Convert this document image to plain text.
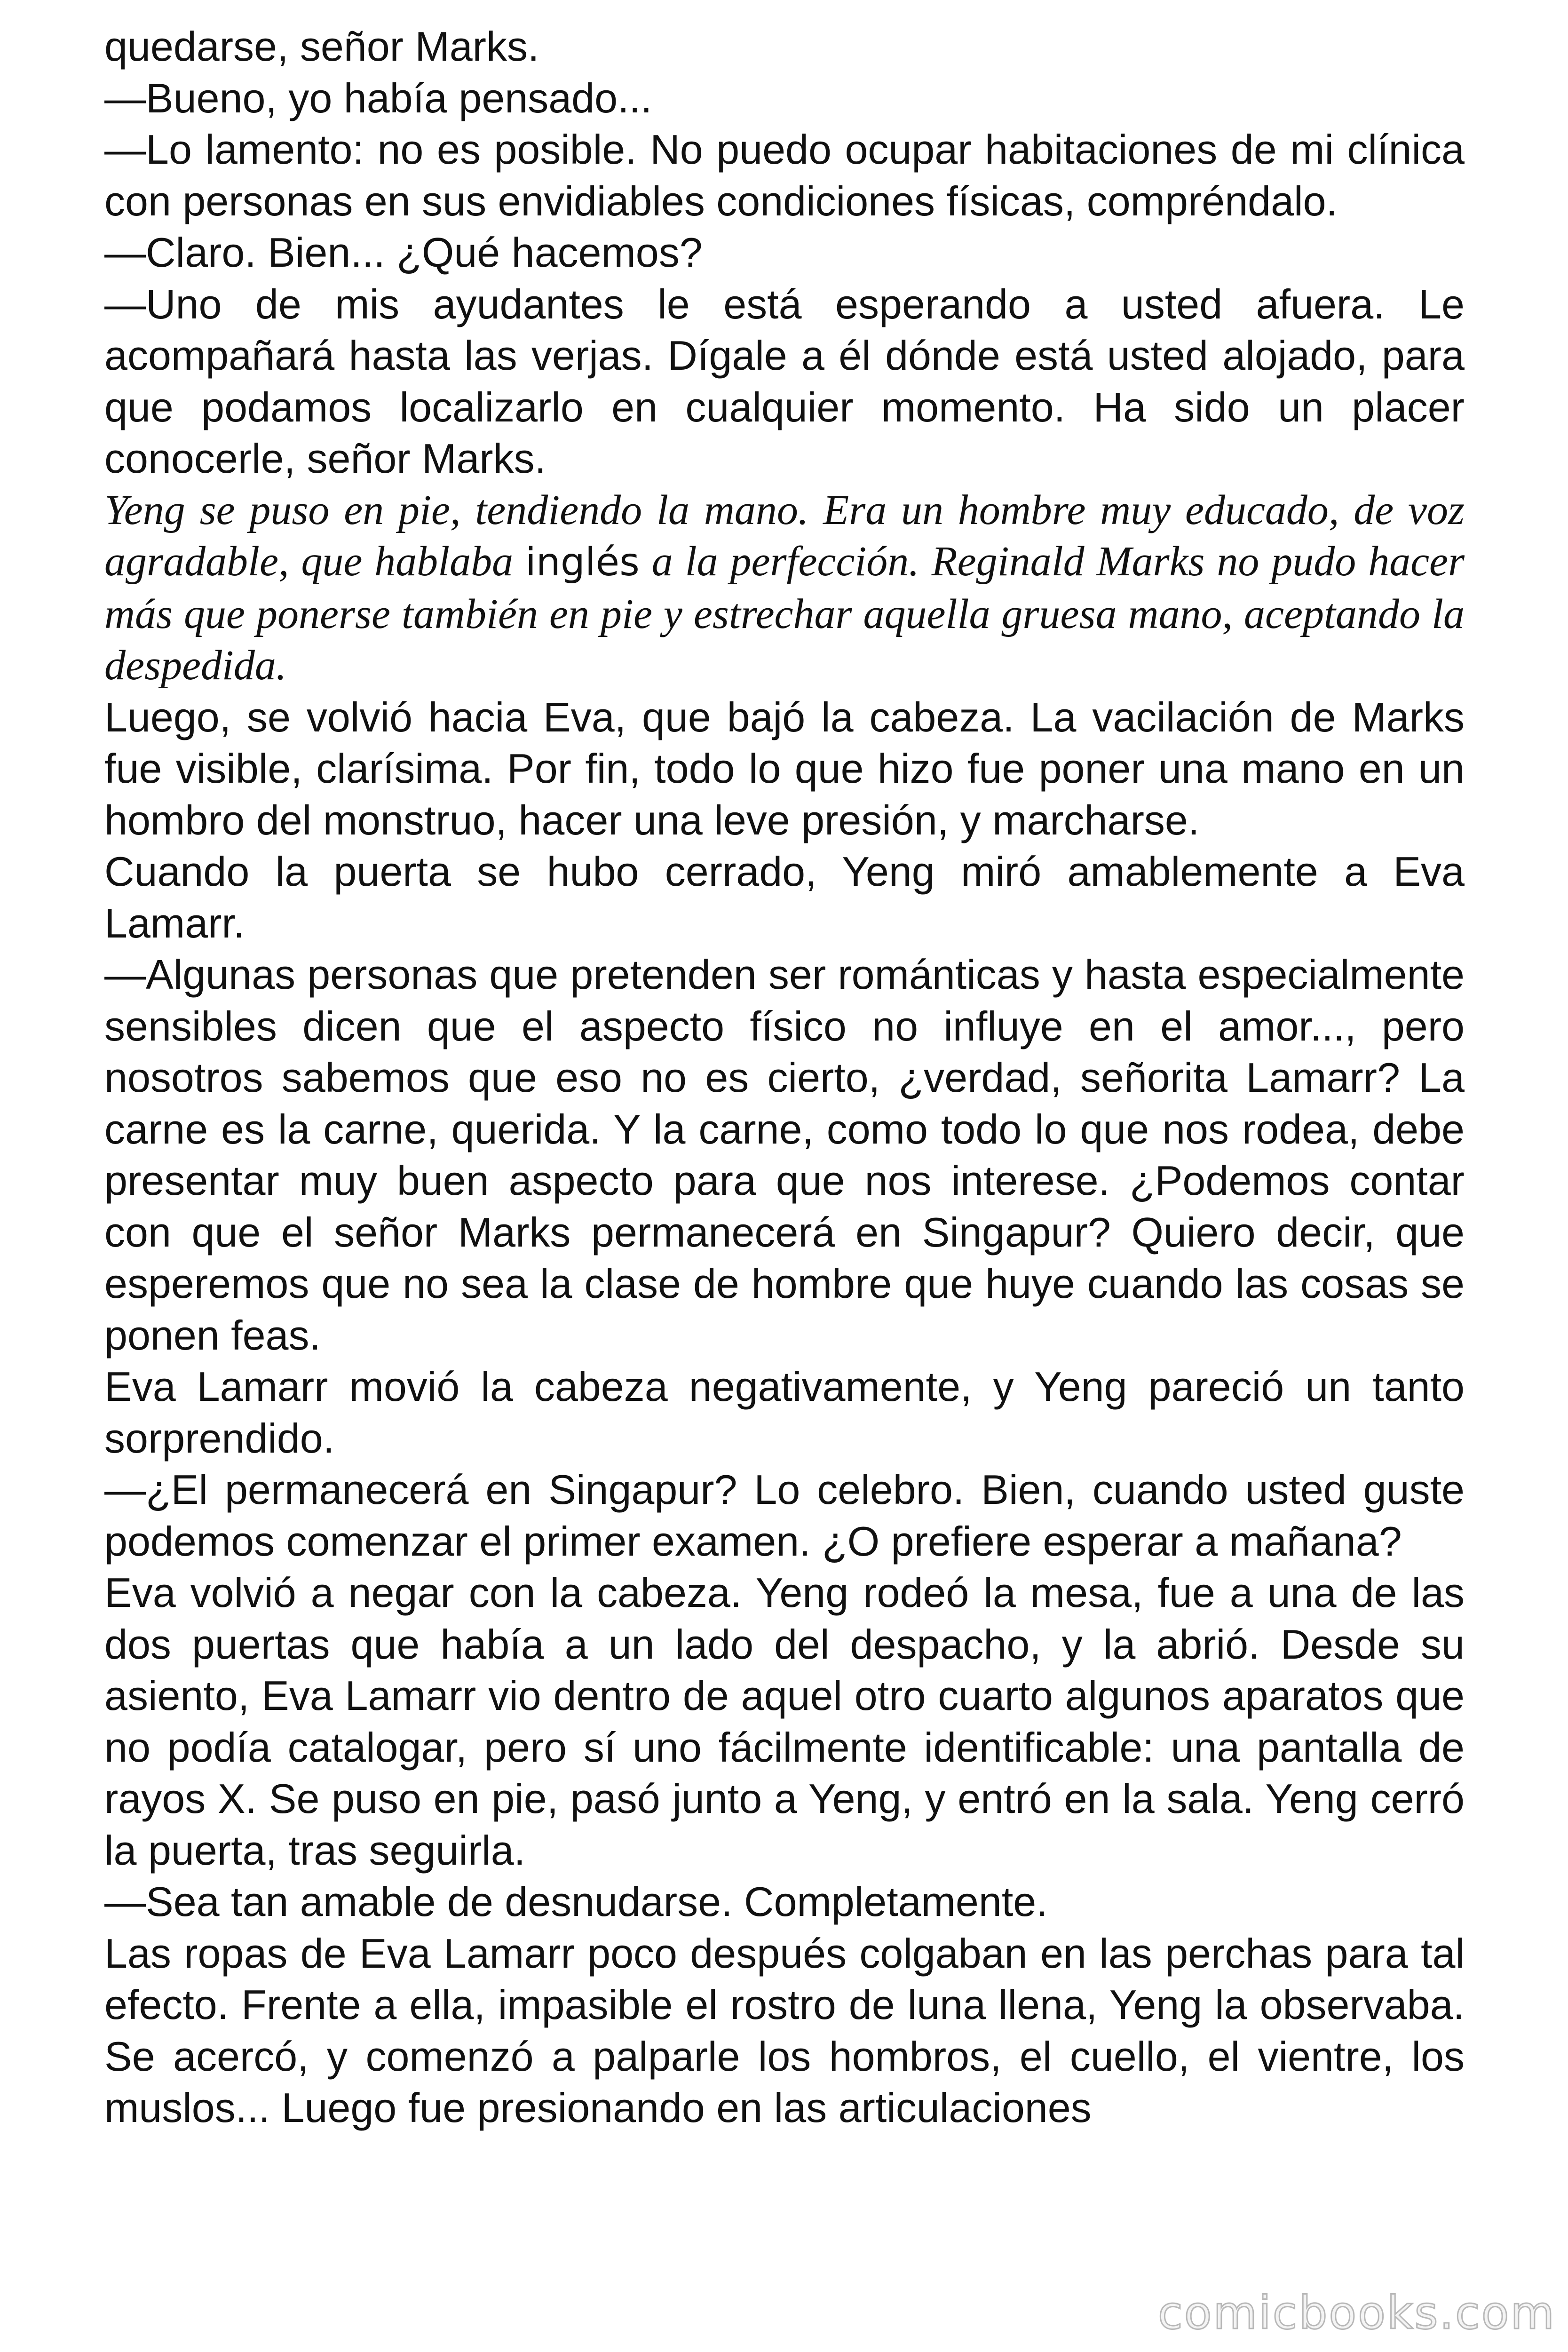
quedarse, señor Marks.

—Bueno, yo había pensado...

—Lo lamento: no es posible. No puedo ocupar habitaciones de mi clínica con personas en sus envidiables condiciones físicas, compréndalo.

—Claro. Bien... ¿Qué hacemos?

—Uno de mis ayudantes le está esperando a usted afuera. Le acompañará hasta las verjas. Dígale a él dónde está usted alojado, para que podamos localizarlo en cualquier momento. Ha sido un placer conocerle, señor Marks.

Yeng se puso en pie, tendiendo la mano. Era un hombre muy educado, de voz agradable, que hablaba inglés a la perfección. Reginald Marks no pudo hacer más que ponerse también en pie y estrechar aquella gruesa mano, aceptando la despedida.

Luego, se volvió hacia Eva, que bajó la cabeza. La vacilación de Marks fue visible, clarísima. Por fin, todo lo que hizo fue poner una mano en un hombro del monstruo, hacer una leve presión, y marcharse.

Cuando la puerta se hubo cerrado, Yeng miró amablemente a Eva Lamarr.

—Algunas personas que pretenden ser románticas y hasta especialmente sensibles dicen que el aspecto físico no influye en el amor..., pero nosotros sabemos que eso no es cierto, ¿verdad, señorita Lamarr? La carne es la carne, querida. Y la carne, como todo lo que nos rodea, debe presentar muy buen aspecto para que nos interese. ¿Podemos contar con que el señor Marks permanecerá en Singapur? Quiero decir, que esperemos que no sea la clase de hombre que huye cuando las cosas se ponen feas.

Eva Lamarr movió la cabeza negativamente, y Yeng pareció un tanto sorprendido.

—¿El permanecerá en Singapur? Lo celebro. Bien, cuando usted guste podemos comenzar el primer examen. ¿O prefiere esperar a mañana?

Eva volvió a negar con la cabeza. Yeng rodeó la mesa, fue a una de las dos puertas que había a un lado del despacho, y la abrió. Desde su asiento, Eva Lamarr vio dentro de aquel otro cuarto algunos aparatos que no podía catalogar, pero sí uno fácilmente identificable: una pantalla de rayos X. Se puso en pie, pasó junto a Yeng, y entró en la sala. Yeng cerró la puerta, tras seguirla.

—Sea tan amable de desnudarse. Completamente.

Las ropas de Eva Lamarr poco después colgaban en las perchas para tal efecto. Frente a ella, impasible el rostro de luna llena, Yeng la observaba. Se acercó, y comenzó a palparle los hombros, el cuello, el vientre, los muslos... Luego fue presionando en las articulaciones

comicbooks.com
